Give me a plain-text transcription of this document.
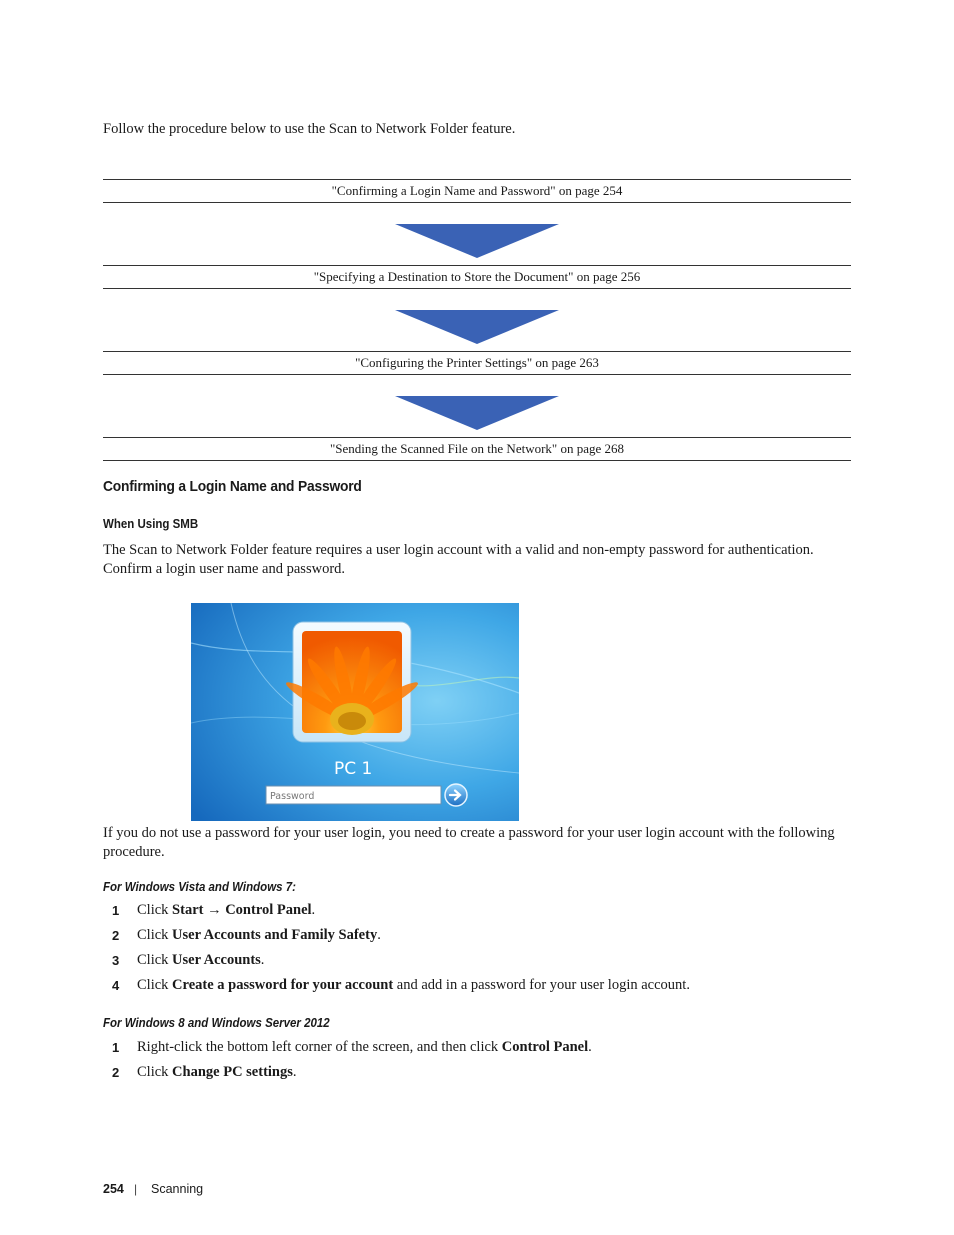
Follow the procedure below to use the Scan to Network Folder feature.
"Confirming a Login Name and Password" on page 254
"Specifying a Destination to Store the Document" on page 256
"Configuring the Printer Settings" on page 263
"Sending the Scanned File on the Network" on page 268
Confirming a Login Name and Password
When Using SMB
The Scan to Network Folder feature requires a user login account with a valid and non-empty password for authentication. Confirm a login user name and password.
PC 1
Password
If you do not use a password for your user login, you need to create a password for your user login account with the following procedure.
For Windows Vista and Windows 7:
1 Click Start → Control Panel.
2 Click User Accounts and Family Safety.
3 Click User Accounts.
4 Click Create a password for your account and add in a password for your user login account.
For Windows 8 and Windows Server 2012
1 Right-click the bottom left corner of the screen, and then click Control Panel.
2 Click Change PC settings.
254 | Scanning
